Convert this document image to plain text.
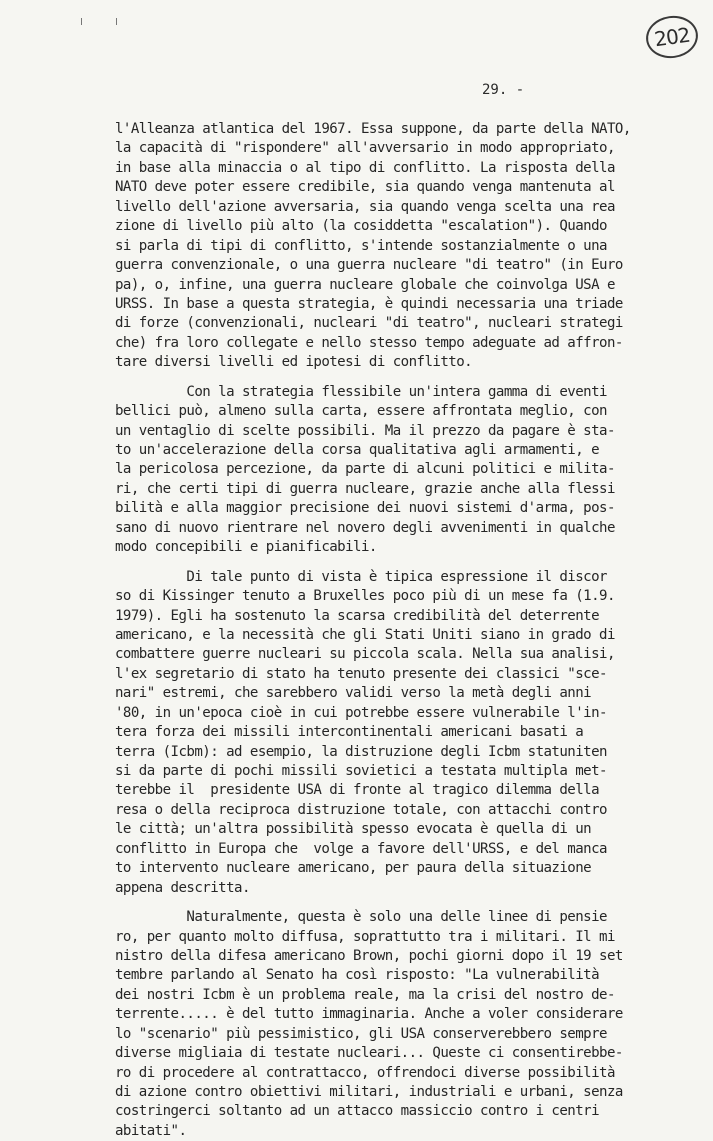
202
29. -
l'Alleanza atlantica del 1967. Essa suppone, da parte della NATO,
la capacità di "rispondere" all'avversario in modo appropriato,
in base alla minaccia o al tipo di conflitto. La risposta della
NATO deve poter essere credibile, sia quando venga mantenuta al
livello dell'azione avversaria, sia quando venga scelta una rea
zione di livello più alto (la cosiddetta "escalation"). Quando
si parla di tipi di conflitto, s'intende sostanzialmente o una
guerra convenzionale, o una guerra nucleare "di teatro" (in Euro
pa), o, infine, una guerra nucleare globale che coinvolga USA e
URSS. In base a questa strategia, è quindi necessaria una triade
di forze (convenzionali, nucleari "di teatro", nucleari strategi
che) fra loro collegate e nello stesso tempo adeguate ad affron-
tare diversi livelli ed ipotesi di conflitto.
Con la strategia flessibile un'intera gamma di eventi
bellici può, almeno sulla carta, essere affrontata meglio, con
un ventaglio di scelte possibili. Ma il prezzo da pagare è sta-
to un'accelerazione della corsa qualitativa agli armamenti, e
la pericolosa percezione, da parte di alcuni politici e milita-
ri, che certi tipi di guerra nucleare, grazie anche alla flessi
bilità e alla maggior precisione dei nuovi sistemi d'arma, pos-
sano di nuovo rientrare nel novero degli avvenimenti in qualche
modo concepibili e pianificabili.
Di tale punto di vista è tipica espressione il discor
so di Kissinger tenuto a Bruxelles poco più di un mese fa (1.9.
1979). Egli ha sostenuto la scarsa credibilità del deterrente
americano, e la necessità che gli Stati Uniti siano in grado di
combattere guerre nucleari su piccola scala. Nella sua analisi,
l'ex segretario di stato ha tenuto presente dei classici "sce-
nari" estremi, che sarebbero validi verso la metà degli anni
'80, in un'epoca cioè in cui potrebbe essere vulnerabile l'in-
tera forza dei missili intercontinentali americani basati a
terra (Icbm): ad esempio, la distruzione degli Icbm statuniten
si da parte di pochi missili sovietici a testata multipla met-
terebbe il  presidente USA di fronte al tragico dilemma della
resa o della reciproca distruzione totale, con attacchi contro
le città; un'altra possibilità spesso evocata è quella di un
conflitto in Europa che  volge a favore dell'URSS, e del manca
to intervento nucleare americano, per paura della situazione
appena descritta.
Naturalmente, questa è solo una delle linee di pensie
ro, per quanto molto diffusa, soprattutto tra i militari. Il mi
nistro della difesa americano Brown, pochi giorni dopo il 19 set
tembre parlando al Senato ha così risposto: "La vulnerabilità
dei nostri Icbm è un problema reale, ma la crisi del nostro de-
terrente..... è del tutto immaginaria. Anche a voler considerare
lo "scenario" più pessimistico, gli USA conserverebbero sempre
diverse migliaia di testate nucleari... Queste ci consentirebbe-
ro di procedere al contrattacco, offrendoci diverse possibilità
di azione contro obiettivi militari, industriali e urbani, senza
costringerci soltanto ad un attacco massiccio contro i centri
abitati".
